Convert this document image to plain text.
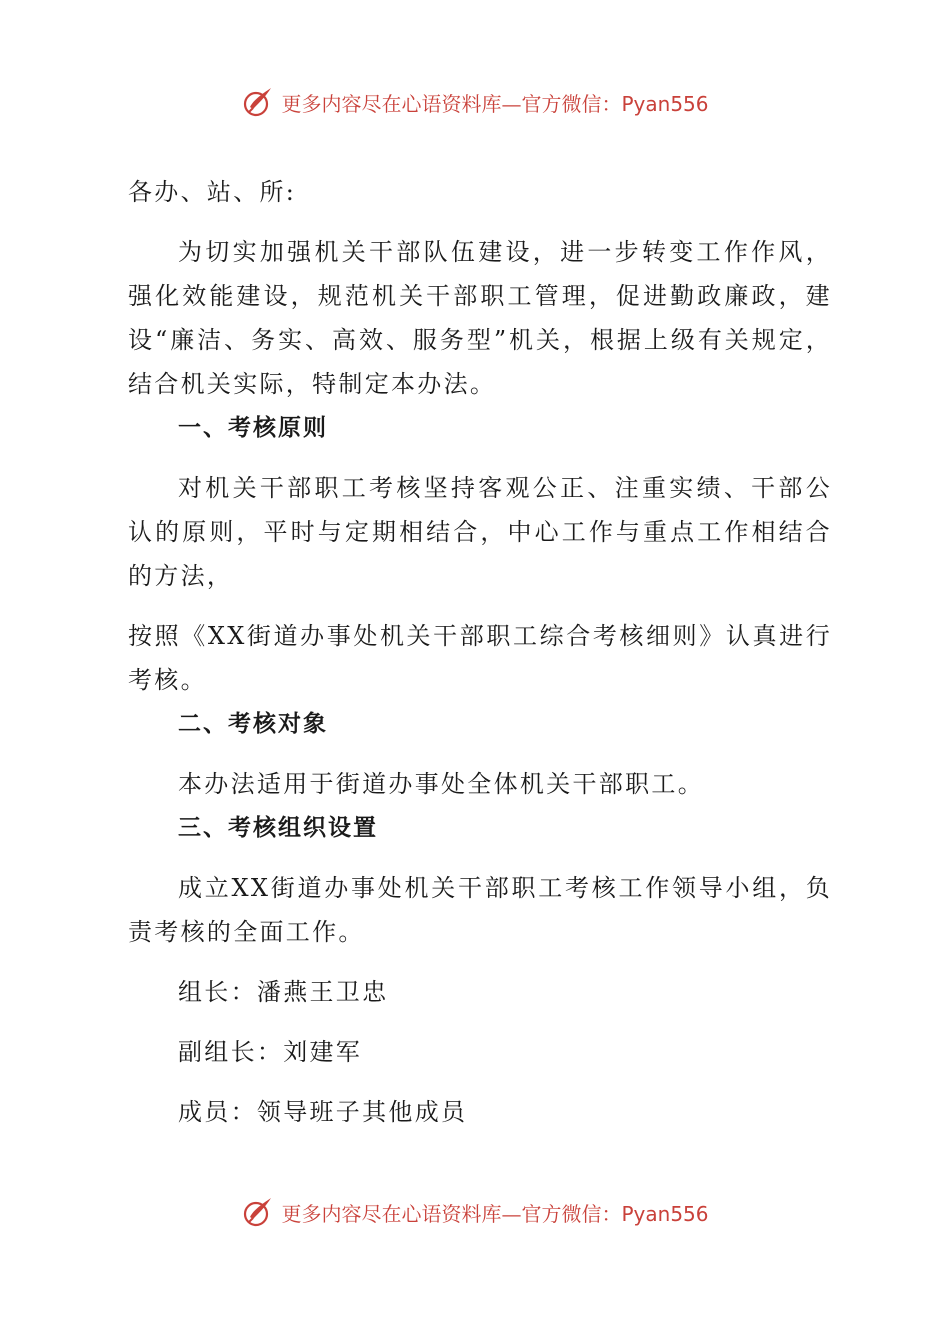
更多内容尽在心语资料库—官方微信：Pyan556

各办、站、所:

为切实加强机关干部队伍建设，进一步转变工作作风，强化效能建设，规范机关干部职工管理，促进勤政廉政，建设“廉洁、务实、高效、服务型”机关，根据上级有关规定，结合机关实际，特制定本办法。

一、考核原则

对机关干部职工考核坚持客观公正、注重实绩、干部公认的原则，平时与定期相结合，中心工作与重点工作相结合的方法，

按照《XX街道办事处机关干部职工综合考核细则》认真进行考核。

二、考核对象

本办法适用于街道办事处全体机关干部职工。

三、考核组织设置

成立XX街道办事处机关干部职工考核工作领导小组，负责考核的全面工作。

组长：潘燕王卫忠

副组长：刘建军

成员：领导班子其他成员

更多内容尽在心语资料库—官方微信：Pyan556
